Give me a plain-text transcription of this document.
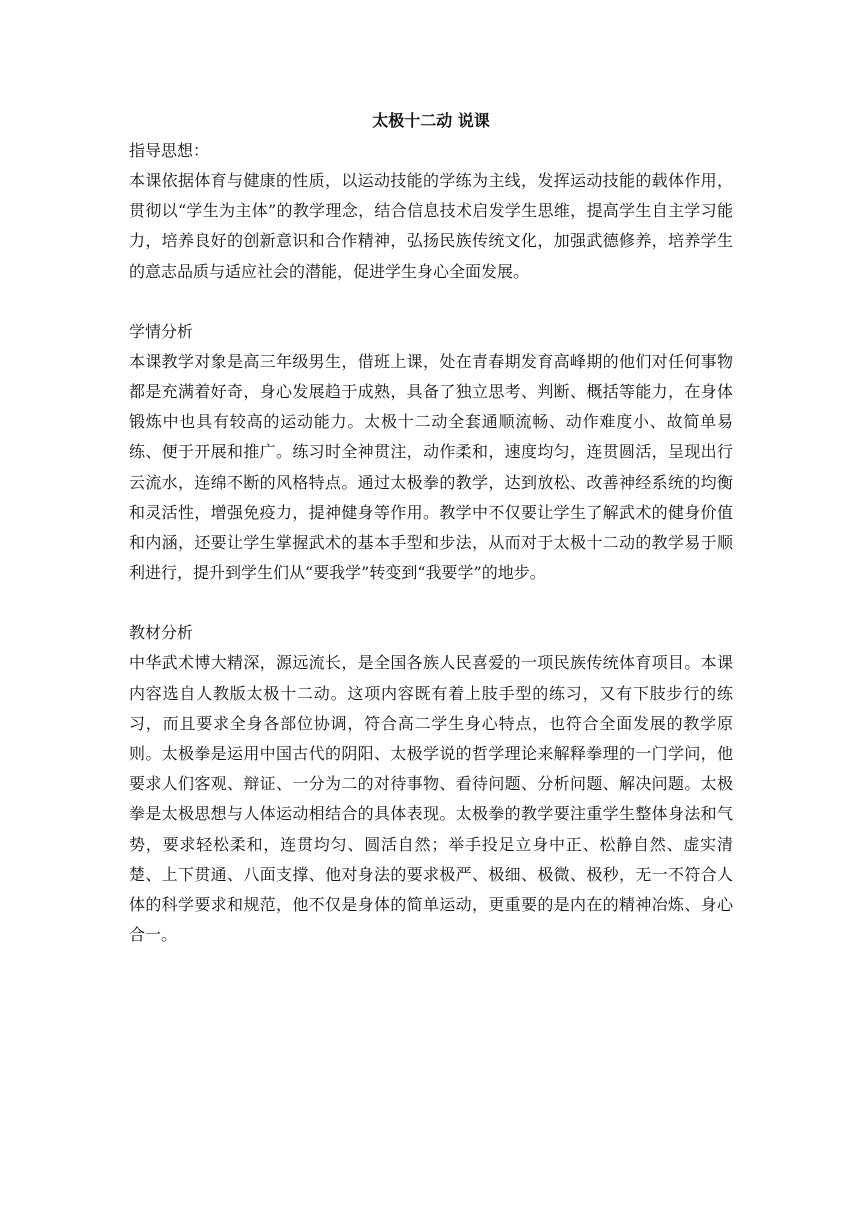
太极十二动 说课

指导思想：

本课依据体育与健康的性质，以运动技能的学练为主线，发挥运动技能的载体作用，贯彻以“学生为主体”的教学理念，结合信息技术启发学生思维，提高学生自主学习能力，培养良好的创新意识和合作精神，弘扬民族传统文化，加强武德修养，培养学生的意志品质与适应社会的潜能，促进学生身心全面发展。

学情分析

本课教学对象是高三年级男生，借班上课，处在青春期发育高峰期的他们对任何事物都是充满着好奇，身心发展趋于成熟，具备了独立思考、判断、概括等能力，在身体锻炼中也具有较高的运动能力。太极十二动全套通顺流畅、动作难度小、故简单易练、便于开展和推广。练习时全神贯注，动作柔和，速度均匀，连贯圆活，呈现出行云流水，连绵不断的风格特点。通过太极拳的教学，达到放松、改善神经系统的均衡和灵活性，增强免疫力，提神健身等作用。教学中不仅要让学生了解武术的健身价值和内涵，还要让学生掌握武术的基本手型和步法，从而对于太极十二动的教学易于顺利进行，提升到学生们从“要我学”转变到“我要学”的地步。

教材分析

中华武术博大精深，源远流长，是全国各族人民喜爱的一项民族传统体育项目。本课内容选自人教版太极十二动。这项内容既有着上肢手型的练习，又有下肢步行的练习，而且要求全身各部位协调，符合高二学生身心特点，也符合全面发展的教学原则。太极拳是运用中国古代的阴阳、太极学说的哲学理论来解释拳理的一门学问，他要求人们客观、辩证、一分为二的对待事物、看待问题、分析问题、解决问题。太极拳是太极思想与人体运动相结合的具体表现。太极拳的教学要注重学生整体身法和气势，要求轻松柔和，连贯均匀、圆活自然；举手投足立身中正、松静自然、虚实清楚、上下贯通、八面支撑、他对身法的要求极严、极细、极微、极秒，无一不符合人体的科学要求和规范，他不仅是身体的简单运动，更重要的是内在的精神冶炼、身心合一。
